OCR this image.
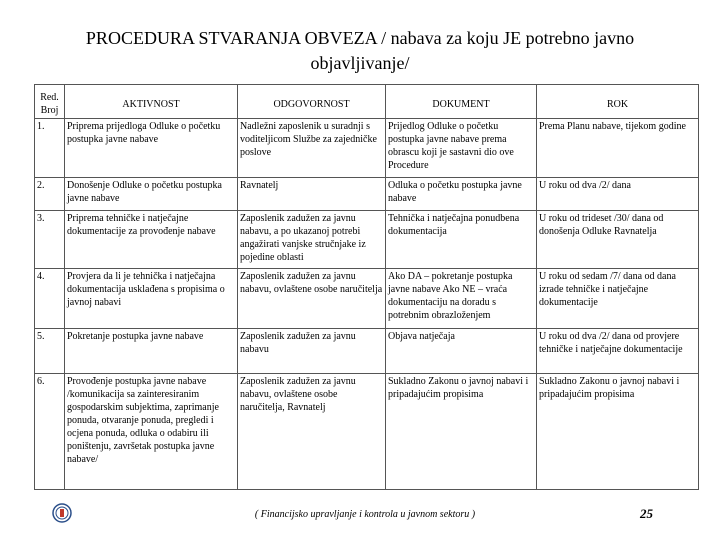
PROCEDURA STVARANJA OBVEZA / nabava za koju JE potrebno javno
objavljivanje/
Red. Broj	AKTIVNOST	ODGOVORNOST	DOKUMENT	ROK
1.	Priprema prijedloga Odluke o početku postupka javne nabave	Nadležni zaposlenik u suradnji s voditeljicom Službe za zajedničke poslove	Prijedlog Odluke o početku postupka javne nabave prema obrascu koji je sastavni dio ove Procedure	Prema Planu nabave, tijekom godine
2.	Donošenje Odluke o početku postupka javne nabave	Ravnatelj	Odluka o početku postupka javne nabave	U roku od dva /2/ dana
3.	Priprema tehničke i natječajne dokumentacije za provođenje nabave	Zaposlenik zadužen za javnu nabavu, a po ukazanoj potrebi angažirati vanjske stručnjake iz pojedine oblasti	Tehnička i natječajna ponudbena dokumentacija	U roku od trideset /30/ dana od donošenja Odluke Ravnatelja
4.	Provjera da li je tehnička i natječajna dokumentacija usklađena s propisima o javnoj nabavi	Zaposlenik zadužen za javnu nabavu, ovlaštene osobe naručitelja	Ako DA – pokretanje postupka javne nabave Ako NE – vraća dokumentaciju na doradu s potrebnim obrazloženjem	U roku od sedam /7/ dana od dana izrade tehničke i natječajne dokumentacije
5.	Pokretanje postupka javne nabave	Zaposlenik zadužen za javnu nabavu	Objava natječaja	U roku od dva /2/ dana od provjere tehničke i natječajne dokumentacije
6.	Provođenje postupka javne nabave /komunikacija sa zainteresiranim gospodarskim subjektima, zaprimanje ponuda, otvaranje ponuda, pregledi i ocjena ponuda, odluka o odabiru ili poništenju, završetak postupka javne nabave/	Zaposlenik zadužen za javnu nabavu, ovlaštene osobe naručitelja, Ravnatelj	Sukladno Zakonu o javnoj nabavi i pripadajućim propisima	Sukladno Zakonu o javnoj nabavi i pripadajućim propisima
( Financijsko upravljanje i kontrola u javnom sektoru )	25
